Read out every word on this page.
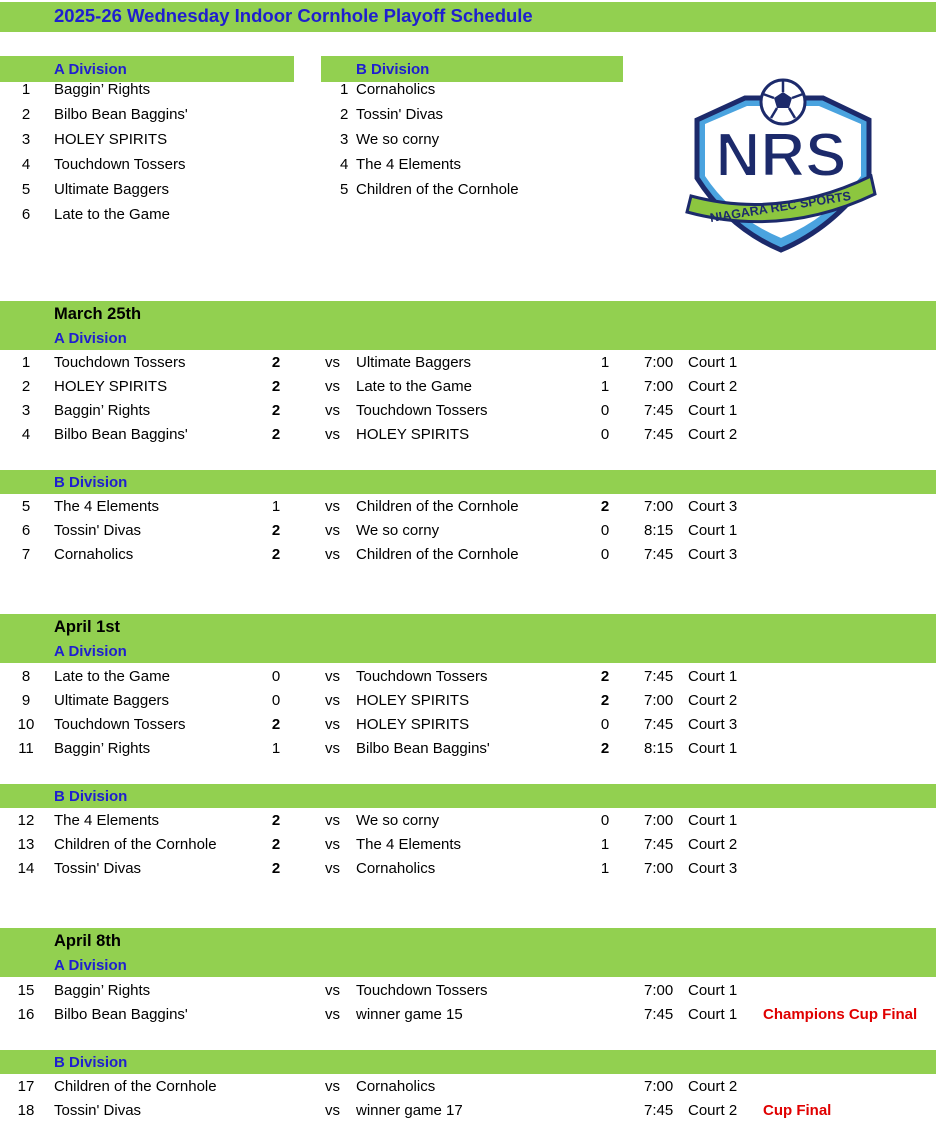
2025-26 Wednesday Indoor Cornhole Playoff Schedule
A Division	B Division
1	Baggin’ Rights
2	Bilbo Bean Baggins'
3	HOLEY SPIRITS
4	Touchdown Tossers
5	Ultimate Baggers
6	Late to the Game
1 Cornaholics
2 Tossin' Divas
3 We so corny
4 The 4 Elements
5 Children of the Cornhole	NRS
NIAGARA REC SPORTS
March 25th
A Division
1	Touchdown Tossers	2	vs Ultimate Baggers	1 7:00 Court 1
2	HOLEY SPIRITS	2	vs Late to the Game	1 7:00 Court 2
3	Baggin’ Rights	2	vs Touchdown Tossers	0 7:45 Court 1
4	Bilbo Bean Baggins'	2	vs HOLEY SPIRITS	0 7:45 Court 2
B Division
5	The 4 Elements	1	vs Children of the Cornhole	2 7:00 Court 3
6	Tossin' Divas	2	vs We so corny	0 8:15 Court 1
7	Cornaholics	2	vs Children of the Cornhole	0 7:45 Court 3
April 1st
A Division
8	Late to the Game	0	vs Touchdown Tossers	2 7:45 Court 1
9	Ultimate Baggers	0	vs HOLEY SPIRITS	2 7:00 Court 2
10 Touchdown Tossers	2	vs HOLEY SPIRITS	0 7:45 Court 3
11 Baggin’ Rights	1	vs Bilbo Bean Baggins'	2 8:15 Court 1
B Division
12 The 4 Elements	2	vs We so corny	0 7:00 Court 1
13 Children of the Cornhole	2	vs The 4 Elements	1 7:45 Court 2
14 Tossin' Divas	2	vs Cornaholics	1 7:00 Court 3
April 8th
A Division
15 Baggin’ Rights	vs Touchdown Tossers	7:00 Court 1
16 Bilbo Bean Baggins'	vs winner game 15	7:45 Court 1 Champions Cup Final
B Division
17 Children of the Cornhole	vs Cornaholics	7:00 Court 2
18 Tossin' Divas	vs winner game 17	7:45 Court 2 Cup Final
